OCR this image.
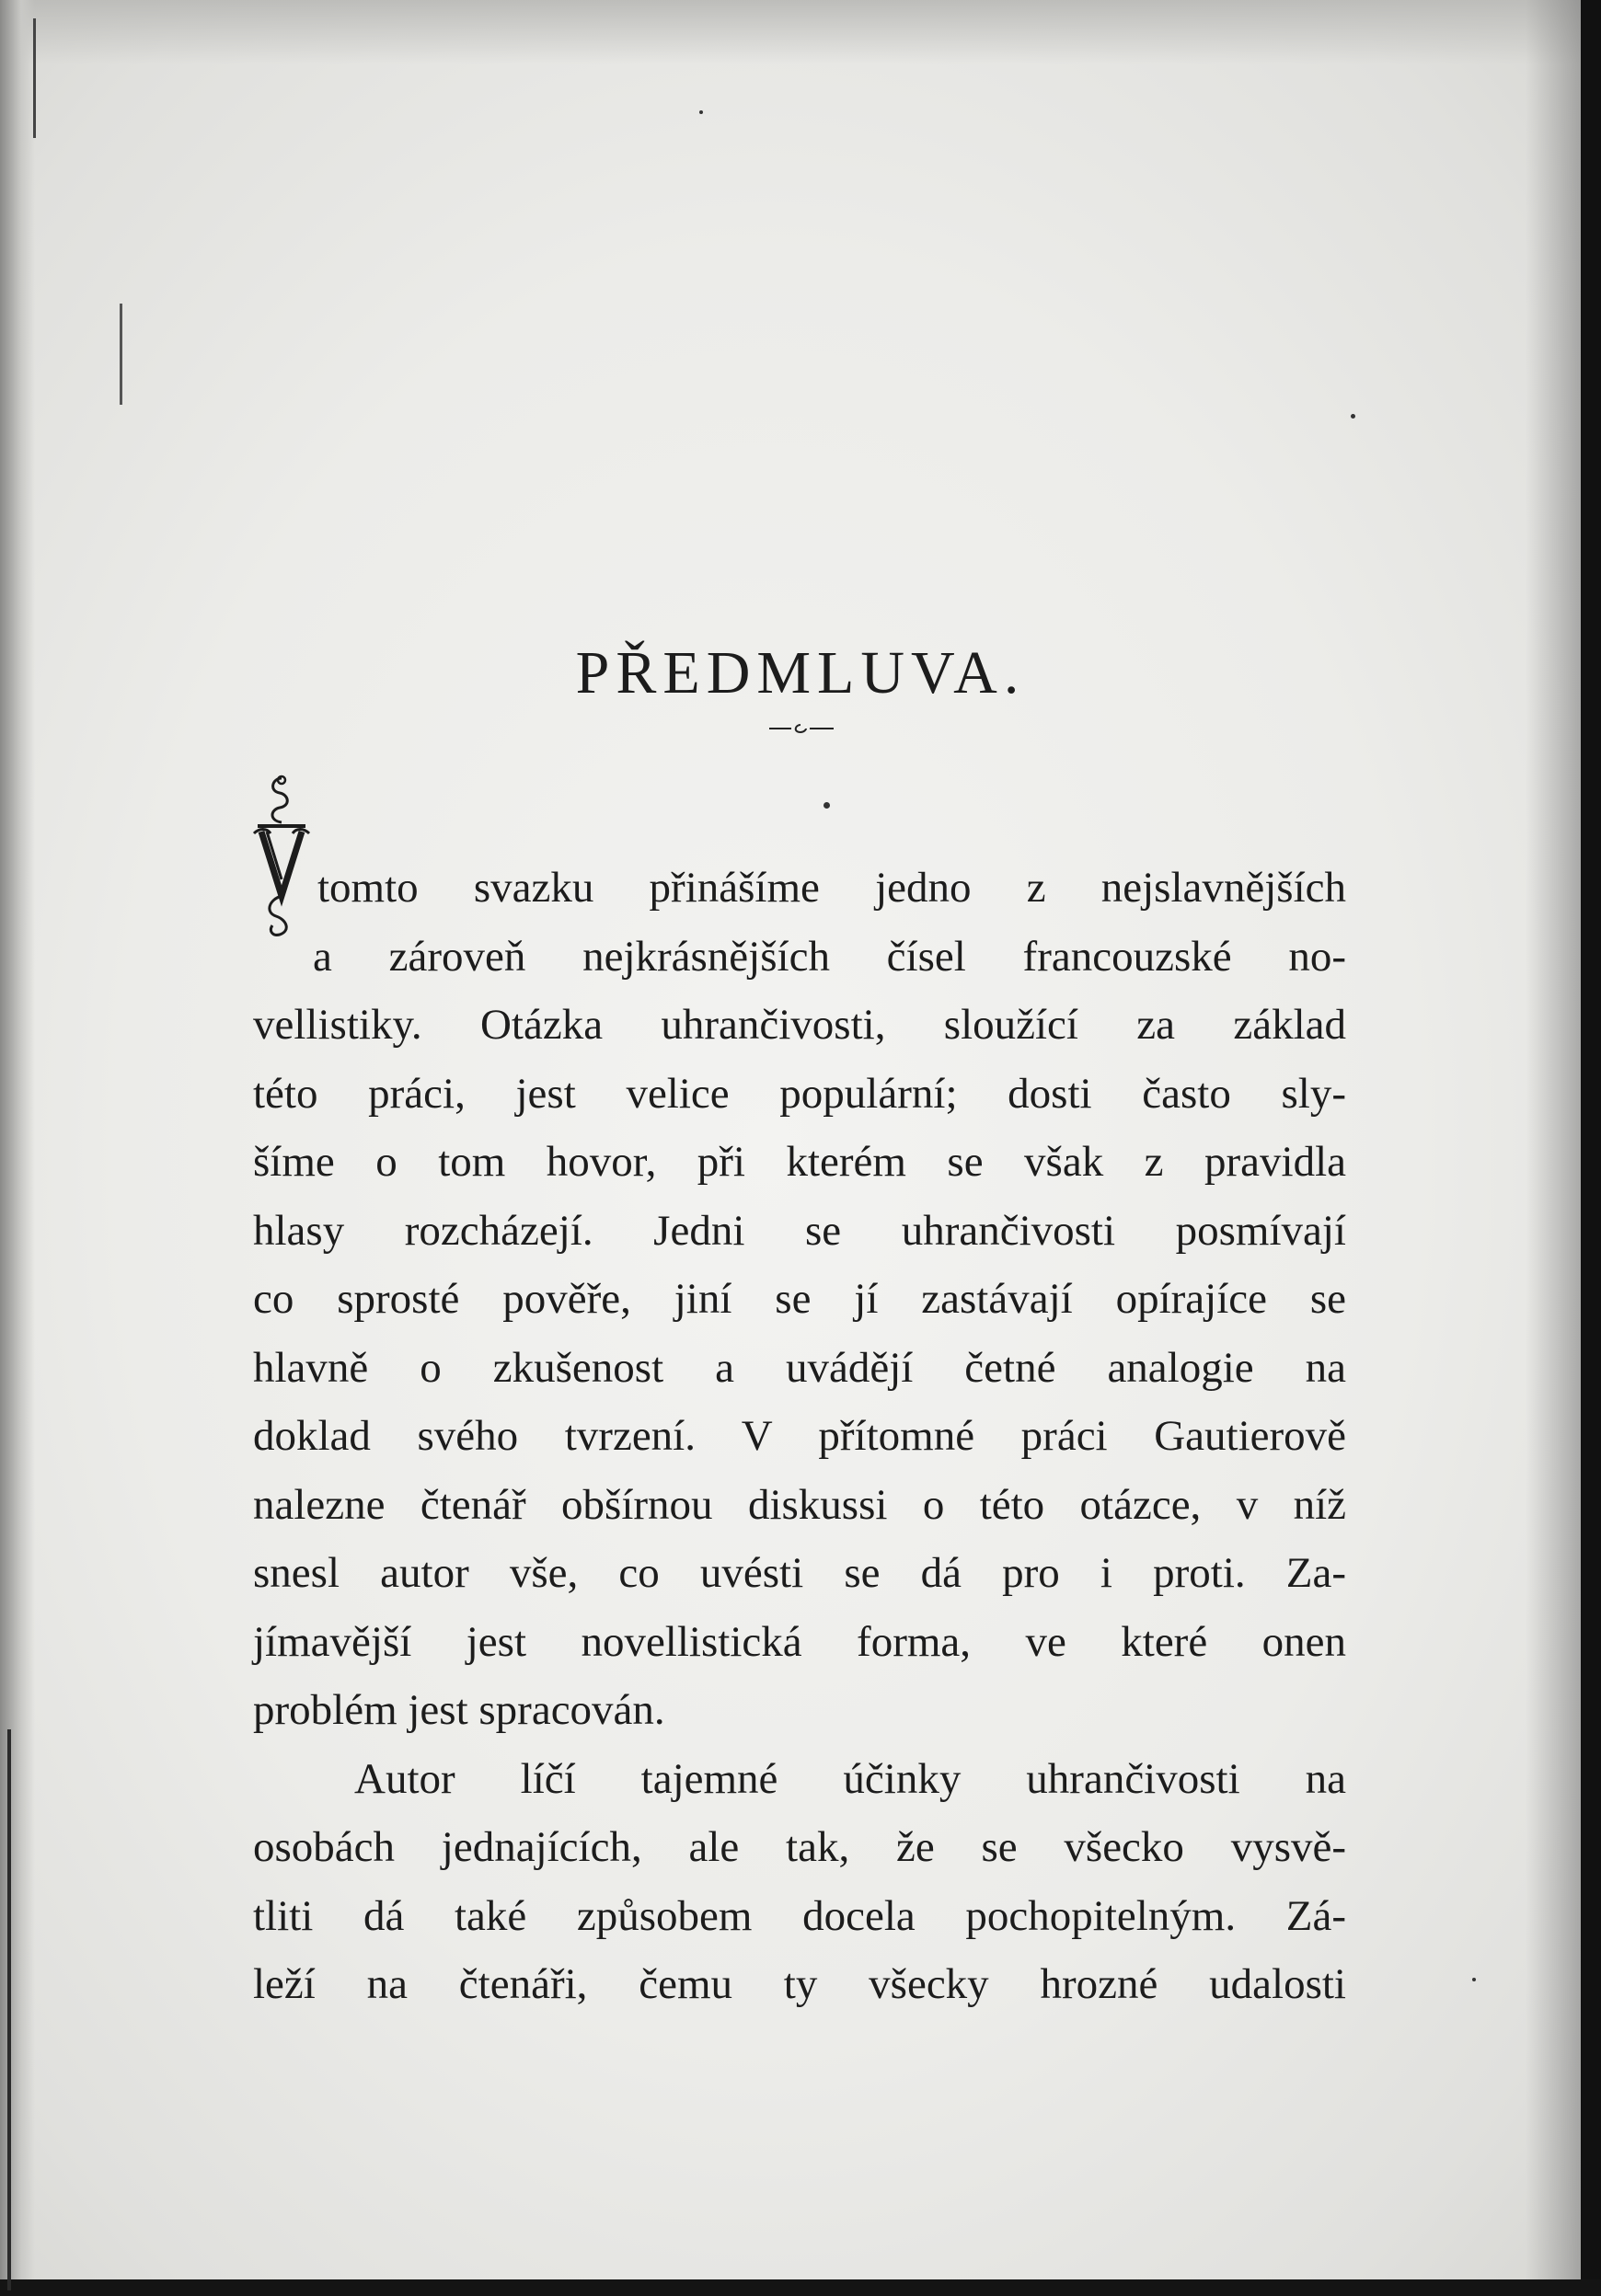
PŘEDMLUVA.
tomto svazku přinášíme jedno z nejslavnějších
a zároveň nejkrásnějších čísel francouzské no-
vellistiky. Otázka uhrančivosti, sloužící za základ
této práci, jest velice populární; dosti často sly-
šíme o tom hovor, při kterém se však z pravidla
hlasy rozcházejí. Jedni se uhrančivosti posmívají
co sprosté pověře, jiní se jí zastávají opírajíce se
hlavně o zkušenost a uvádějí četné analogie na
doklad svého tvrzení. V přítomné práci Gautierově
nalezne čtenář obšírnou diskussi o této otázce, v níž
snesl autor vše, co uvésti se dá pro i proti. Za-
jímavější jest novellistická forma, ve které onen
problém jest spracován.
Autor líčí tajemné účinky uhrančivosti na
osobách jednajících, ale tak, že se všecko vysvě-
tliti dá také způsobem docela pochopitelným. Zá-
leží na čtenáři, čemu ty všecky hrozné udalosti
